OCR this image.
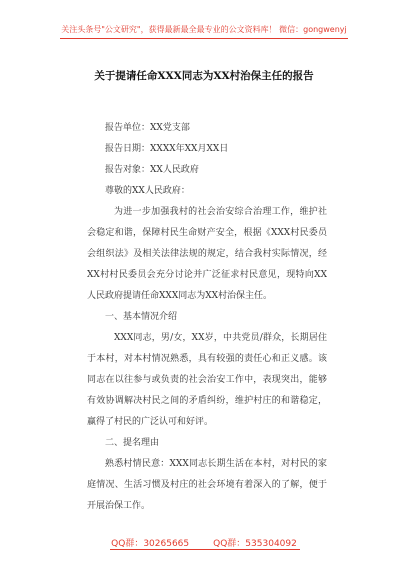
关注头条号"公文研究"，获得最新最全最专业的公文资料库！ 微信：gongwenyj
关于提请任命XXX同志为XX村治保主任的报告

报告单位：XX党支部

报告日期：XXXX年XX月XX日

报告对象：XX人民政府

尊敬的XX人民政府：

为进一步加强我村的社会治安综合治理工作，维护社会稳定和谐，保障村民生命财产安全，根据《XXX村民委员会组织法》及相关法律法规的规定，结合我村实际情况，经XX村村民委员会充分讨论并广泛征求村民意见，现特向XX人民政府提请任命XXX同志为XX村治保主任。

一、基本情况介绍

XXX同志，男/女，XX岁，中共党员/群众，长期居住于本村，对本村情况熟悉，具有较强的责任心和正义感。该同志在以往参与或负责的社会治安工作中，表现突出，能够有效协调解决村民之间的矛盾纠纷，维护村庄的和谐稳定，赢得了村民的广泛认可和好评。

二、提名理由

熟悉村情民意：XXX同志长期生活在本村，对村民的家庭情况、生活习惯及村庄的社会环境有着深入的了解，便于开展治保工作。

QQ群：30265665	QQ群：535304092
